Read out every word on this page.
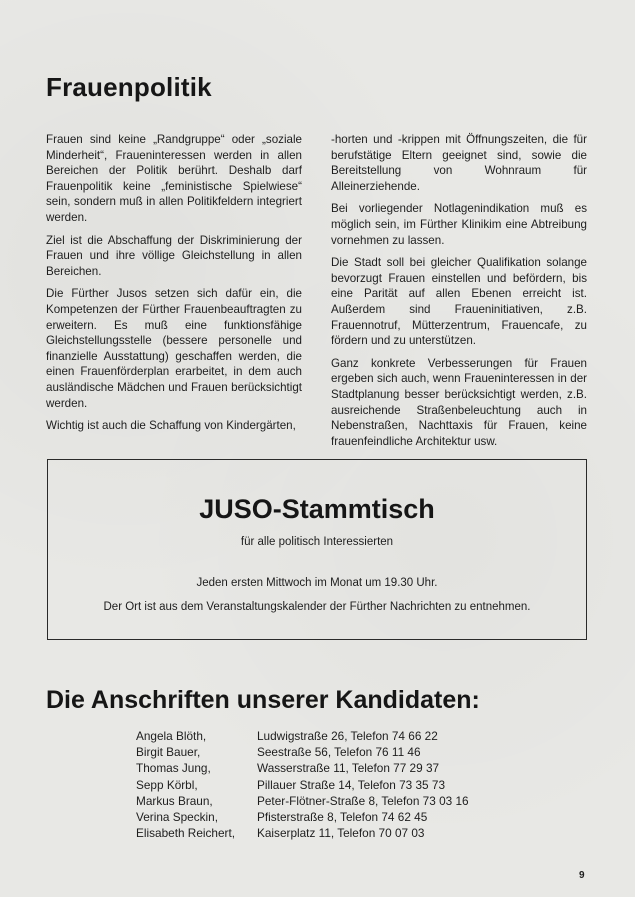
Frauenpolitik

Frauen sind keine „Randgruppe“ oder „soziale Minderheit“, Fraueninteressen werden in allen Bereichen der Politik berührt. Deshalb darf Frauenpolitik keine „feministische Spielwiese“ sein, sondern muß in allen Politikfeldern integriert werden.

Ziel ist die Abschaffung der Diskriminierung der Frauen und ihre völlige Gleichstellung in allen Bereichen.

Die Fürther Jusos setzen sich dafür ein, die Kompetenzen der Fürther Frauenbeauftragten zu erweitern. Es muß eine funktionsfähige Gleichstellungsstelle (bessere personelle und finanzielle Ausstattung) geschaffen werden, die einen Frauenförderplan erarbeitet, in dem auch ausländische Mädchen und Frauen berücksichtigt werden.

Wichtig ist auch die Schaffung von Kindergärten,

-horten und -krippen mit Öffnungszeiten, die für berufstätige Eltern geeignet sind, sowie die Bereitstellung von Wohnraum für Alleinerziehende.

Bei vorliegender Notlagenindikation muß es möglich sein, im Fürther Klinikim eine Abtreibung vornehmen zu lassen.

Die Stadt soll bei gleicher Qualifikation solange bevorzugt Frauen einstellen und befördern, bis eine Parität auf allen Ebenen erreicht ist. Außerdem sind Fraueninitiativen, z.B. Frauennotruf, Mütterzentrum, Frauencafe, zu fördern und zu unterstützen.

Ganz konkrete Verbesserungen für Frauen ergeben sich auch, wenn Fraueninteressen in der Stadtplanung besser berücksichtigt werden, z.B. ausreichende Straßenbeleuchtung auch in Nebenstraßen, Nachttaxis für Frauen, keine frauenfeindliche Architektur usw.

JUSO-Stammtisch
für alle politisch Interessierten
Jeden ersten Mittwoch im Monat um 19.30 Uhr.
Der Ort ist aus dem Veranstaltungskalender der Fürther Nachrichten zu entnehmen.
Die Anschriften unserer Kandidaten:
Angela Blöth,	Ludwigstraße 26, Telefon 74 66 22
Birgit Bauer,	Seestraße 56, Telefon 76 11 46
Thomas Jung,	Wasserstraße 11, Telefon 77 29 37
Sepp Körbl,	Pillauer Straße 14, Telefon 73 35 73
Markus Braun,	Peter-Flötner-Straße 8, Telefon 73 03 16
Verina Speckin,	Pfisterstraße 8, Telefon 74 62 45
Elisabeth Reichert,	Kaiserplatz 11, Telefon 70 07 03
9
